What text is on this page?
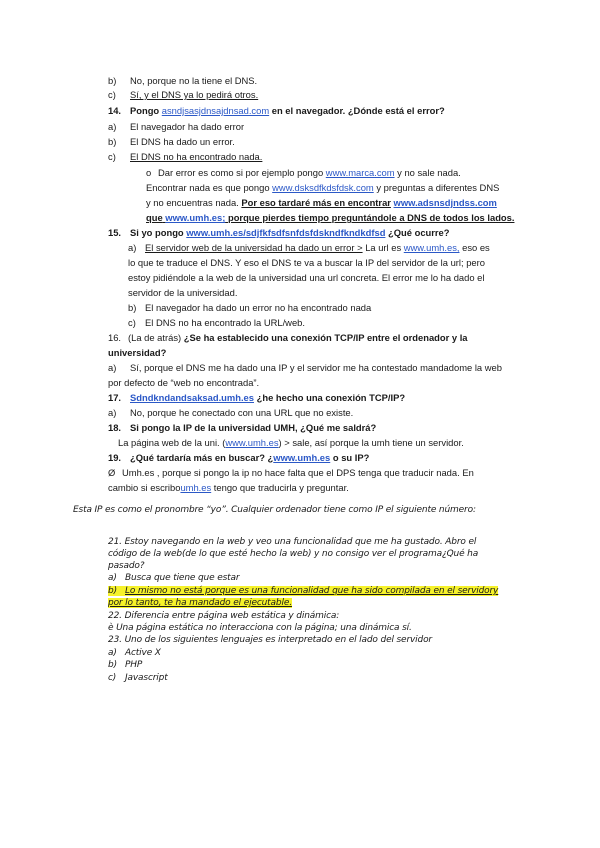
b) No, porque no la tiene el DNS.
c) Sí, y el DNS ya lo pedirá otros.
14. Pongo asndjsasjdnsajdnsad.com en el navegador. ¿Dónde está el error?
a) El navegador ha dado error
b) El DNS ha dado un error.
c) El DNS no ha encontrado nada.
o Dar error es como si por ejemplo pongo www.marca.com y no sale nada.
Encontrar nada es que pongo www.dsksdfkdsfdsk.com y preguntas a diferentes DNS
y no encuentras nada. Por eso tardaré más en encontrar www.adsnsdjndss.com
que www.umh.es; porque pierdes tiempo preguntándole a DNS de todos los lados.
15. Si yo pongo www.umh.es/sdjfkfsdfsnfdsfdskndfkndkdfsd ¿Qué ocurre?
a) El servidor web de la universidad ha dado un error > La url es www.umh.es, eso es
lo que te traduce el DNS. Y eso el DNS te va a buscar la IP del servidor de la url; pero
estoy pidiéndole a la web de la universidad una url concreta. El error me lo ha dado el
servidor de la universidad.
b) El navegador ha dado un error no ha encontrado nada
c) El DNS no ha encontrado la URL/web.
16. (La de atrás) ¿Se ha establecido una conexión TCP/IP entre el ordenador y la
universidad?
a) Sí, porque el DNS me ha dado una IP y el servidor me ha contestado mandadome la web
por defecto de “web no encontrada”.
17. Sdndkndandsaksad.umh.es ¿he hecho una conexión TCP/IP?
a) No, porque he conectado con una URL que no existe.
18. Si pongo la IP de la universidad UMH, ¿Qué me saldrá?
La página web de la uni. (www.umh.es) > sale, así porque la umh tiene un servidor.
19. ¿Qué tardaría más en buscar? ¿www.umh.es o su IP?
Ø Umh.es , porque si pongo la ip no hace falta que el DPS tenga que traducir nada. En
cambio si escriboumh.es tengo que traducirla y preguntar.
Esta IP es como el pronombre “yo”. Cualquier ordenador tiene como IP el siguiente número:
21. Estoy navegando en la web y veo una funcionalidad que me ha gustado. Abro el
código de la web(de lo que esté hecho la web) y no consigo ver el programa¿Qué ha
pasado?
a) Busca que tiene que estar
b) Lo mismo no está porque es una funcionalidad que ha sido compilada en el servidory
por lo tanto, te ha mandado el ejecutable.
22. Diferencia entre página web estática y dinámica:
è Una página estática no interacciona con la página; una dinámica sí.
23. Uno de los siguientes lenguajes es interpretado en el lado del servidor
a) Active X
b) PHP
c) Javascript
